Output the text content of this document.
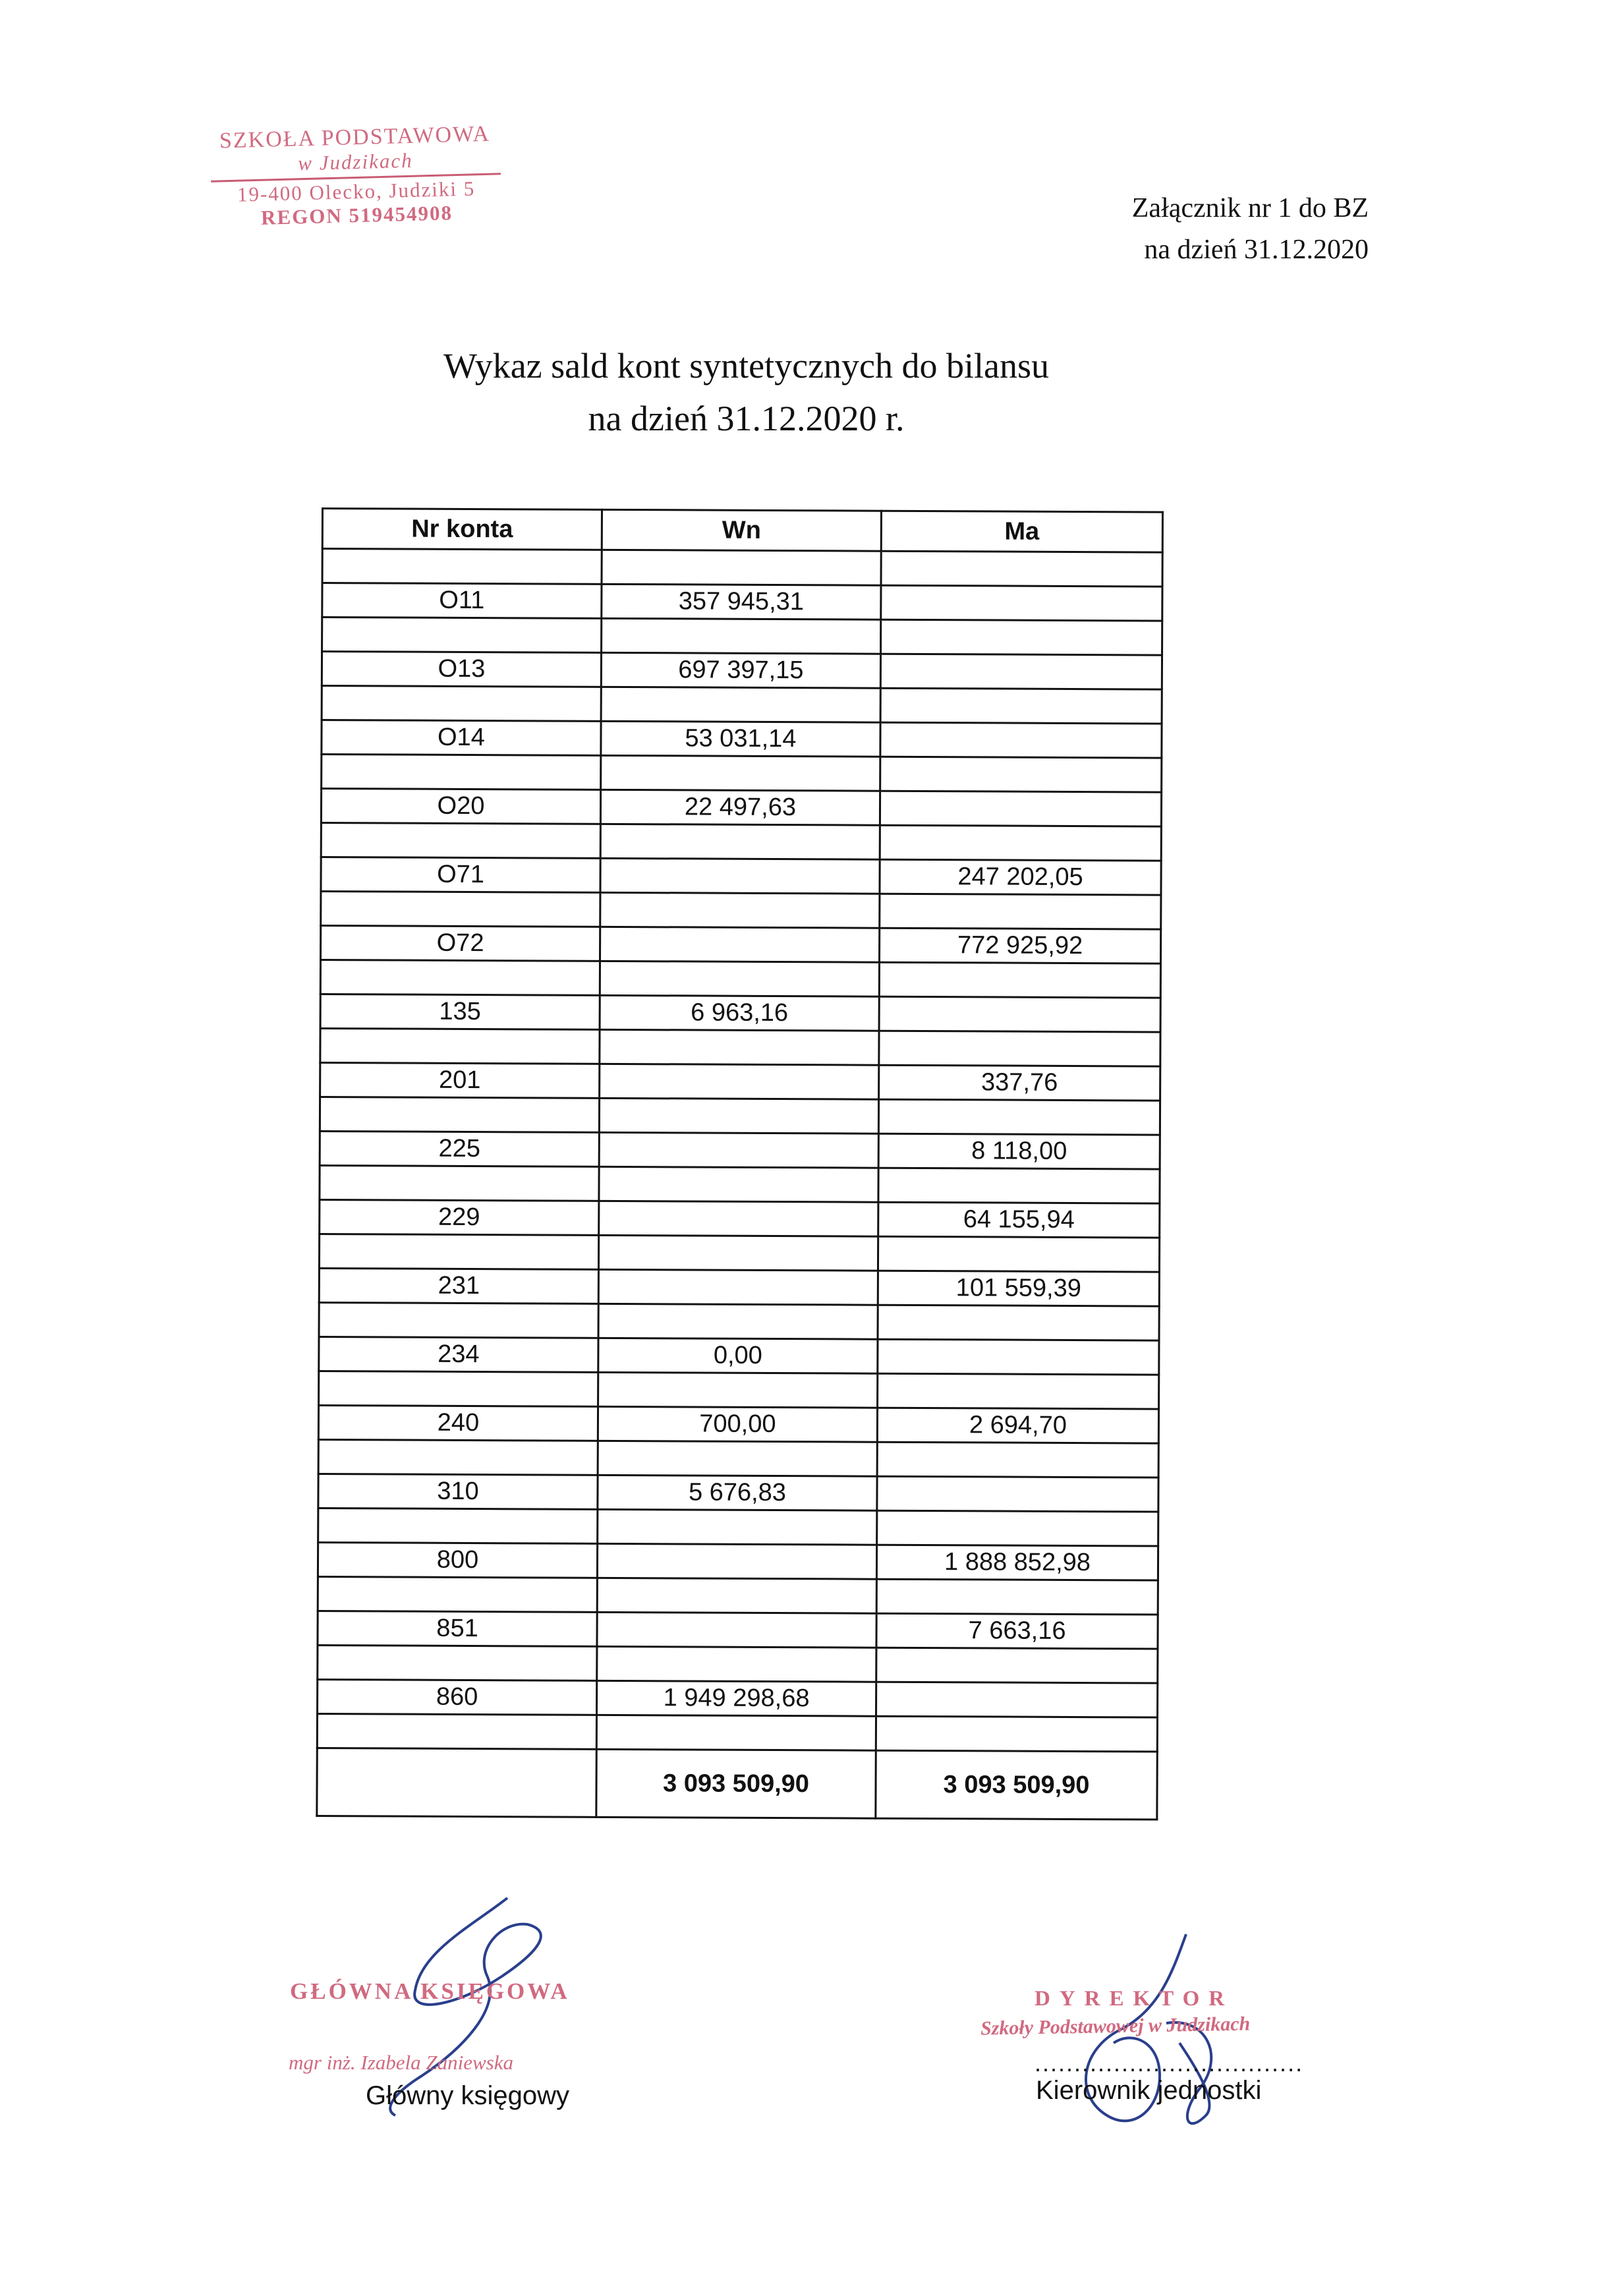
SZKOŁA PODSTAWOWA
w Judzikach
19-400 Olecko, Judziki 5
REGON 519454908	Załącznik nr 1 do BZ
na dzień 31.12.2020
Wykaz sald kont syntetycznych do bilansu
na dzień 31.12.2020 r.
Nr konta	Wn	Ma

O11	357 945,31	

O13	697 397,15	

O14	53 031,14	

O20	22 497,63	

O71		247 202,05

O72		772 925,92

135	6 963,16	

201		337,76

225		8 118,00

229		64 155,94

231		101 559,39

234	0,00	

240	700,00	2 694,70

310	5 676,83	

800		1 888 852,98

851		7 663,16

860	1 949 298,68	

	3 093 509,90	3 093 509,90
GŁÓWNA KSIĘGOWA
mgr inż. Izabela Zaniewska
Główny księgowy
DYREKTOR
Szkoły Podstawowej w Judzikach
..................................
Kierownik jednostki
